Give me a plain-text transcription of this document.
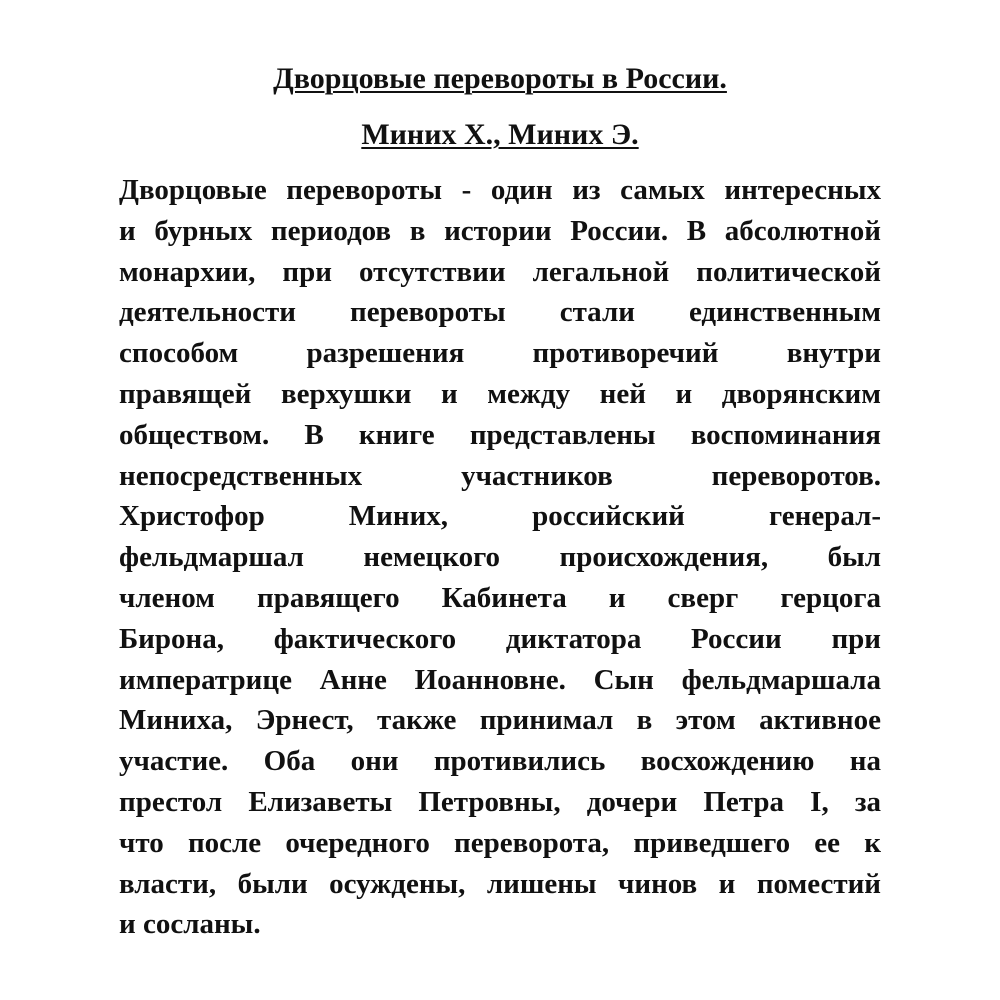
Дворцовые перевороты в России.
Миних Х., Миних Э.
Дворцовые перевороты - один из самых интересных
и бурных периодов в истории России. В абсолютной
монархии, при отсутствии легальной политической
деятельности перевороты стали единственным
способом разрешения противоречий внутри
правящей верхушки и между ней и дворянским
обществом. В книге представлены воспоминания
непосредственных участников переворотов.
Христофор Миних, российский генерал-
фельдмаршал немецкого происхождения, был
членом правящего Кабинета и сверг герцога
Бирона, фактического диктатора России при
императрице Анне Иоанновне. Сын фельдмаршала
Миниха, Эрнест, также принимал в этом активное
участие. Оба они противились восхождению на
престол Елизаветы Петровны, дочери Петра I, за
что после очередного переворота, приведшего ее к
власти, были осуждены, лишены чинов и поместий
и сосланы.
